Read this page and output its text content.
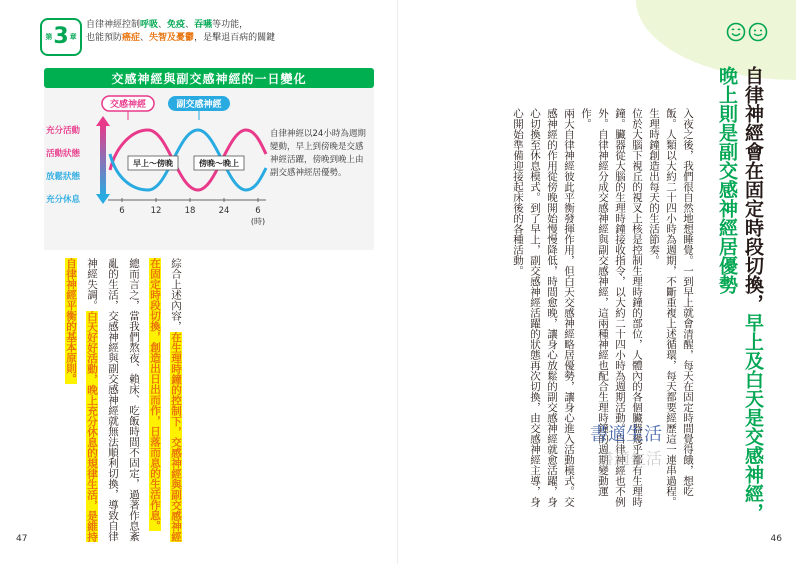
第 3 章
自律神經控制呼吸、免疫、吞嚥等功能，
也能預防癌症、失智及憂鬱，是擊退百病的關鍵
交感神經與副交感神經的一日變化
交感神經	副交感神經
充分活動
活動狀態
放鬆狀態
充分休息
6	12	18	24	6
(時)
早上～傍晚	傍晚～晚上
自律神經以24小時為週期變動，早上到傍晚是交感神經活躍，傍晚到晚上由副交感神經居優勢。
綜合上述內容，在生理時鐘的控制下，交感神經與副交感神經在固定時段切換，創造出日出而作，日落而息的生活作息。
總而言之，當我們熬夜、賴床、吃飯時間不固定，過著作息紊亂的生活，交感神經與副交感神經就無法順利切換，導致自律神經失調。白天好好活動，晚上充分休息的規律生活，是維持自律神經平衡的基本原則。
47
自律神經會在固定時段切換，早上及白天是交感神經，
晚上則是副交感神經居優勢
入夜之後，我們很自然地想睡覺。一到早上就會清醒，每天在固定時間覺得餓，想吃飯。人類以大約二十四小時為週期，不斷重複上述循環，每天都要經歷這一連串過程。生理時鐘創造出每天的生活節奏。
位於大腦下視丘的視叉上核是控制生理時鐘的部位，人體內的各個臟器幾乎都有生理時鐘。臟器從大腦的生理時鐘接收指令，以大約二十四小時為週期活動。自律神經也不例外。自律神經分成交感神經與副交感神經，這兩種神經也配合生理時鐘的週期變動運作。
兩大自律神經彼此平衡發揮作用，但白天交感神經略居優勢，讓身心進入活動模式。交感神經的作用從傍晚開始慢慢降低，時間愈晚，讓身心放鬆的副交感神經就愈活躍，身心切換至休息模式。到了早上，副交感神經活躍的狀態再次切換，由交感神經主導，身心開始準備迎接起床後的各種活動。
書適生活
書適生活
46
